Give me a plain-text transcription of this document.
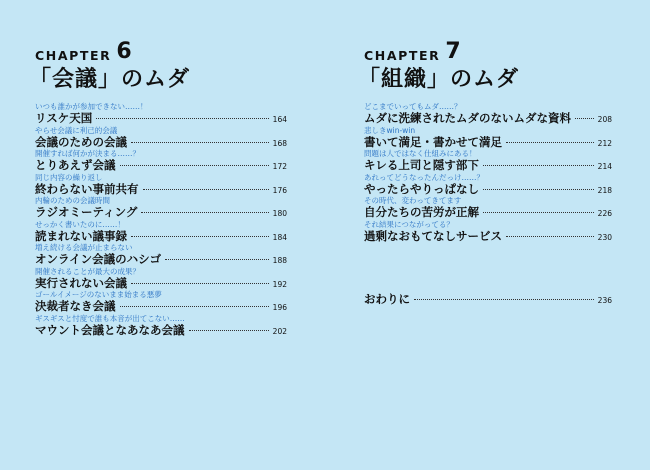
CHAPTER 6
「会議」のムダ
いつも誰かが参加できない……！
リスケ天国	164
やらせ会議に利己的会議
会議のための会議	168
開催すれば何かが決まる……？
とりあえず会議	172
同じ内容の繰り返し
終わらない事前共有	176
内輪のための会議時間
ラジオミーティング	180
せっかく書いたのに……！
読まれない議事録	184
増え続ける会議が止まらない
オンライン会議のハシゴ	188
開催されることが最大の成果？
実行されない会議	192
ゴールイメージのないまま始まる悪夢
決裁者なき会議	196
ギスギスと忖度で誰も本音が出てこない……
マウント会議となあなあ会議	202
CHAPTER 7
「組織」のムダ
どこまでいってもムダ……？
ムダに洗練されたムダのないムダな資料	208
悲しきwin-win
書いて満足・書かせて満足	212
問題は人ではなく仕組みにある！
キレる上司と隠す部下	214
あれってどうなったんだっけ……？
やったらやりっぱなし	218
その時代、変わってきてます
自分たちの苦労が正解	226
それ結果につながってる？
過剰なおもてなしサービス	230
おわりに	236
